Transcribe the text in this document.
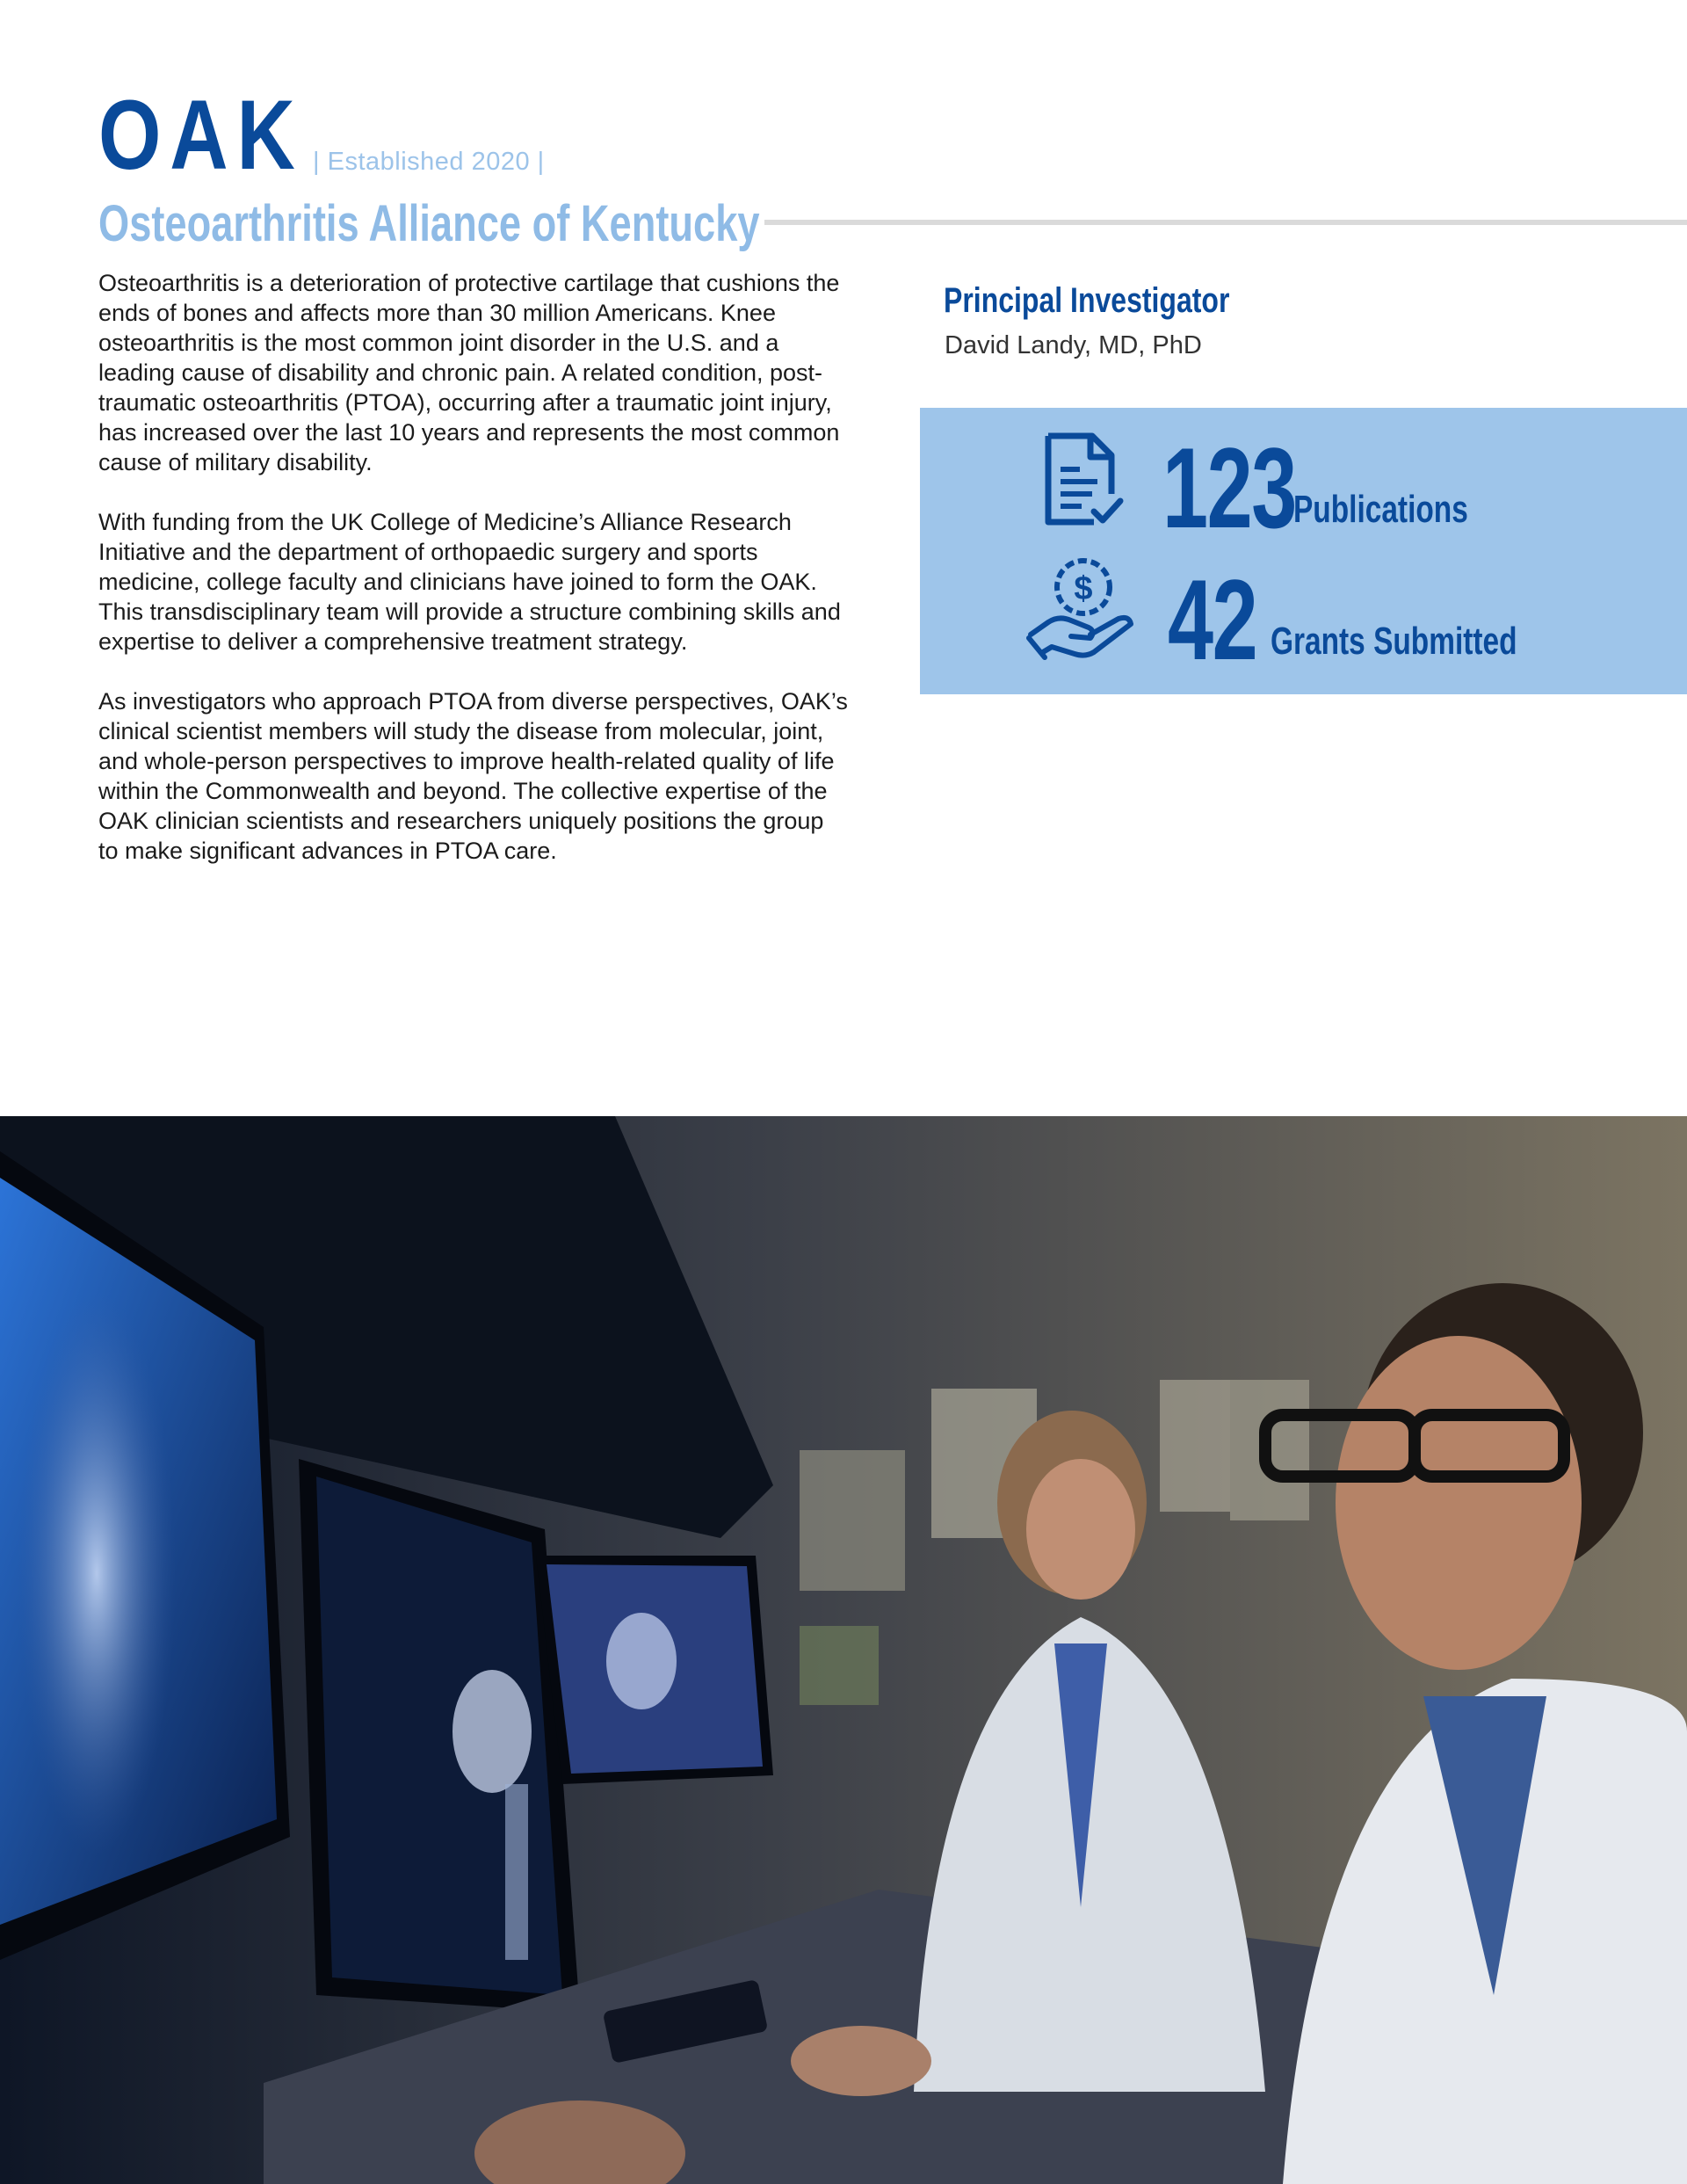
OAK | Established 2020 |
Osteoarthritis Alliance of Kentucky

Osteoarthritis is a deterioration of protective cartilage that cushions the ends of bones and affects more than 30 million Americans. Knee osteoarthritis is the most common joint disorder in the U.S. and a leading cause of disability and chronic pain. A related condition, post-traumatic osteoarthritis (PTOA), occurring after a traumatic joint injury, has increased over the last 10 years and represents the most common cause of military disability.

With funding from the UK College of Medicine’s Alliance Research Initiative and the department of orthopaedic surgery and sports medicine, college faculty and clinicians have joined to form the OAK. This transdisciplinary team will provide a structure combining skills and expertise to deliver a comprehensive treatment strategy.

As investigators who approach PTOA from diverse perspectives, OAK’s clinical scientist members will study the disease from molecular, joint, and whole-person perspectives to improve health-related quality of life within the Commonwealth and beyond. The collective expertise of the OAK clinician scientists and researchers uniquely positions the group to make significant advances in PTOA care.

Principal Investigator
David Landy, MD, PhD
123
Publications
$ 42 Grants Submitted
